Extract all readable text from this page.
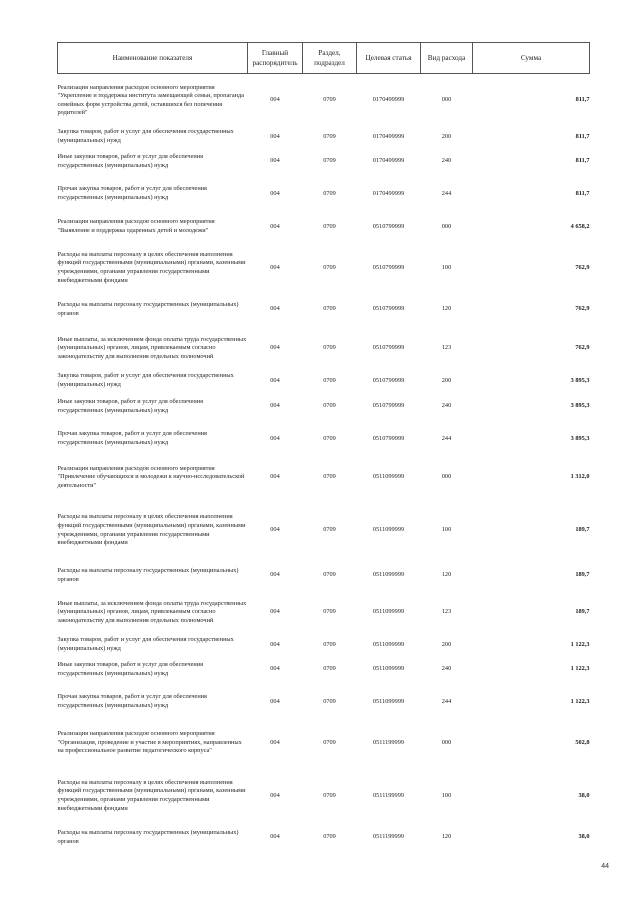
Наименование показателя	Главный распорядитель	Раздел, подраздел	Целевая статья	Вид расхода	Сумма
Реализация направления расходов основного мероприятия "Укрепление и поддержка института замещающей семьи, пропаганда семейных форм устройства детей, оставшихся без попечения родителей"	004	0709	0170499999	000	811,7
Закупка товаров, работ и услуг для обеспечения государственных (муниципальных) нужд	004	0709	0170499999	200	811,7
Иные закупки товаров, работ и услуг для обеспечения государственных (муниципальных) нужд	004	0709	0170499999	240	811,7
Прочая закупка товаров, работ и услуг для обеспечения государственных (муниципальных) нужд	004	0709	0170499999	244	811,7
Реализация направления расходов основного мероприятия "Выявление и поддержка одаренных детей и молодежи"	004	0709	0510799999	000	4 658,2
Расходы на выплаты персоналу в целях обеспечения выполнения функций государственными (муниципальными) органами, казенными учреждениями, органами управления государственными внебюджетными фондами	004	0709	0510799999	100	762,9
Расходы на выплаты персоналу государственных (муниципальных) органов	004	0709	0510799999	120	762,9
Иные выплаты, за исключением фонда оплаты труда государственных (муниципальных) органов, лицам, привлекаемым согласно законодательству для выполнения отдельных полномочий	004	0709	0510799999	123	762,9
Закупка товаров, работ и услуг для обеспечения государственных (муниципальных) нужд	004	0709	0510799999	200	3 895,3
Иные закупки товаров, работ и услуг для обеспечения государственных (муниципальных) нужд	004	0709	0510799999	240	3 895,3
Прочая закупка товаров, работ и услуг для обеспечения государственных (муниципальных) нужд	004	0709	0510799999	244	3 895,3
Реализация направления расходов основного мероприятия "Привлечение обучающихся и молодежи к научно-исследовательской деятельности"	004	0709	0511099999	000	1 312,0
Расходы на выплаты персоналу в целях обеспечения выполнения функций государственными (муниципальными) органами, казенными учреждениями, органами управления государственными внебюджетными фондами	004	0709	0511099999	100	189,7
Расходы на выплаты персоналу государственных (муниципальных) органов	004	0709	0511099999	120	189,7
Иные выплаты, за исключением фонда оплаты труда государственных (муниципальных) органов, лицам, привлекаемым согласно законодательству для выполнения отдельных полномочий	004	0709	0511099999	123	189,7
Закупка товаров, работ и услуг для обеспечения государственных (муниципальных) нужд	004	0709	0511099999	200	1 122,3
Иные закупки товаров, работ и услуг для обеспечения государственных (муниципальных) нужд	004	0709	0511099999	240	1 122,3
Прочая закупка товаров, работ и услуг для обеспечения государственных (муниципальных) нужд	004	0709	0511099999	244	1 122,3
Реализация направления расходов основного мероприятия "Организация, проведение и участие в мероприятиях, направленных на профессиональное развитие педагогического корпуса"	004	0709	0511199999	000	502,8
Расходы на выплаты персоналу в целях обеспечения выполнения функций государственными (муниципальными) органами, казенными учреждениями, органами управления государственными внебюджетными фондами	004	0709	0511199999	100	38,0
Расходы на выплаты персоналу государственных (муниципальных) органов	004	0709	0511199999	120	38,0
44
